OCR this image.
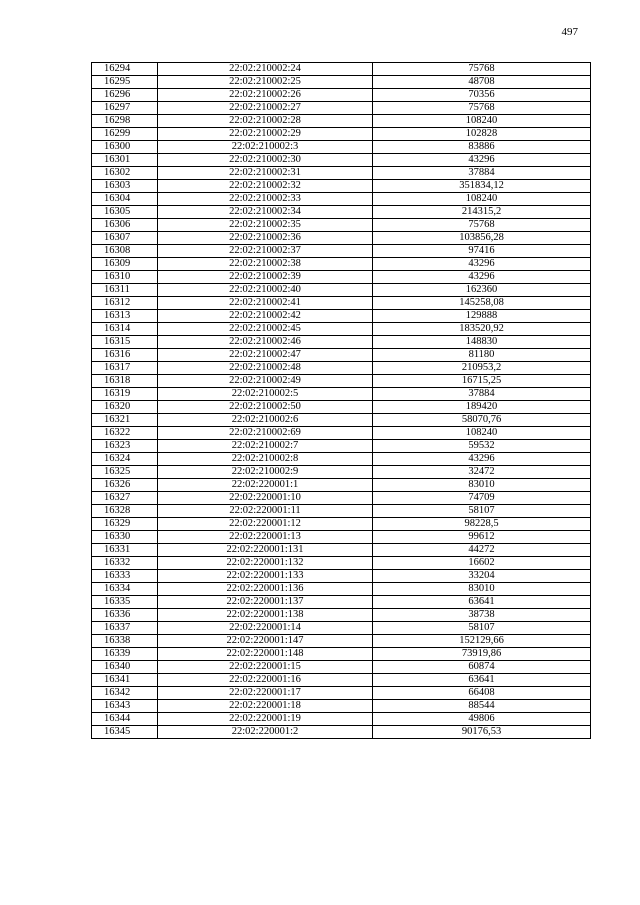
497
16294	22:02:210002:24	75768
16295	22:02:210002:25	48708
16296	22:02:210002:26	70356
16297	22:02:210002:27	75768
16298	22:02:210002:28	108240
16299	22:02:210002:29	102828
16300	22:02:210002:3	83886
16301	22:02:210002:30	43296
16302	22:02:210002:31	37884
16303	22:02:210002:32	351834,12
16304	22:02:210002:33	108240
16305	22:02:210002:34	214315,2
16306	22:02:210002:35	75768
16307	22:02:210002:36	103856,28
16308	22:02:210002:37	97416
16309	22:02:210002:38	43296
16310	22:02:210002:39	43296
16311	22:02:210002:40	162360
16312	22:02:210002:41	145258,08
16313	22:02:210002:42	129888
16314	22:02:210002:45	183520,92
16315	22:02:210002:46	148830
16316	22:02:210002:47	81180
16317	22:02:210002:48	210953,2
16318	22:02:210002:49	16715,25
16319	22:02:210002:5	37884
16320	22:02:210002:50	189420
16321	22:02:210002:6	58070,76
16322	22:02:210002:69	108240
16323	22:02:210002:7	59532
16324	22:02:210002:8	43296
16325	22:02:210002:9	32472
16326	22:02:220001:1	83010
16327	22:02:220001:10	74709
16328	22:02:220001:11	58107
16329	22:02:220001:12	98228,5
16330	22:02:220001:13	99612
16331	22:02:220001:131	44272
16332	22:02:220001:132	16602
16333	22:02:220001:133	33204
16334	22:02:220001:136	83010
16335	22:02:220001:137	63641
16336	22:02:220001:138	38738
16337	22:02:220001:14	58107
16338	22:02:220001:147	152129,66
16339	22:02:220001:148	73919,86
16340	22:02:220001:15	60874
16341	22:02:220001:16	63641
16342	22:02:220001:17	66408
16343	22:02:220001:18	88544
16344	22:02:220001:19	49806
16345	22:02:220001:2	90176,53
